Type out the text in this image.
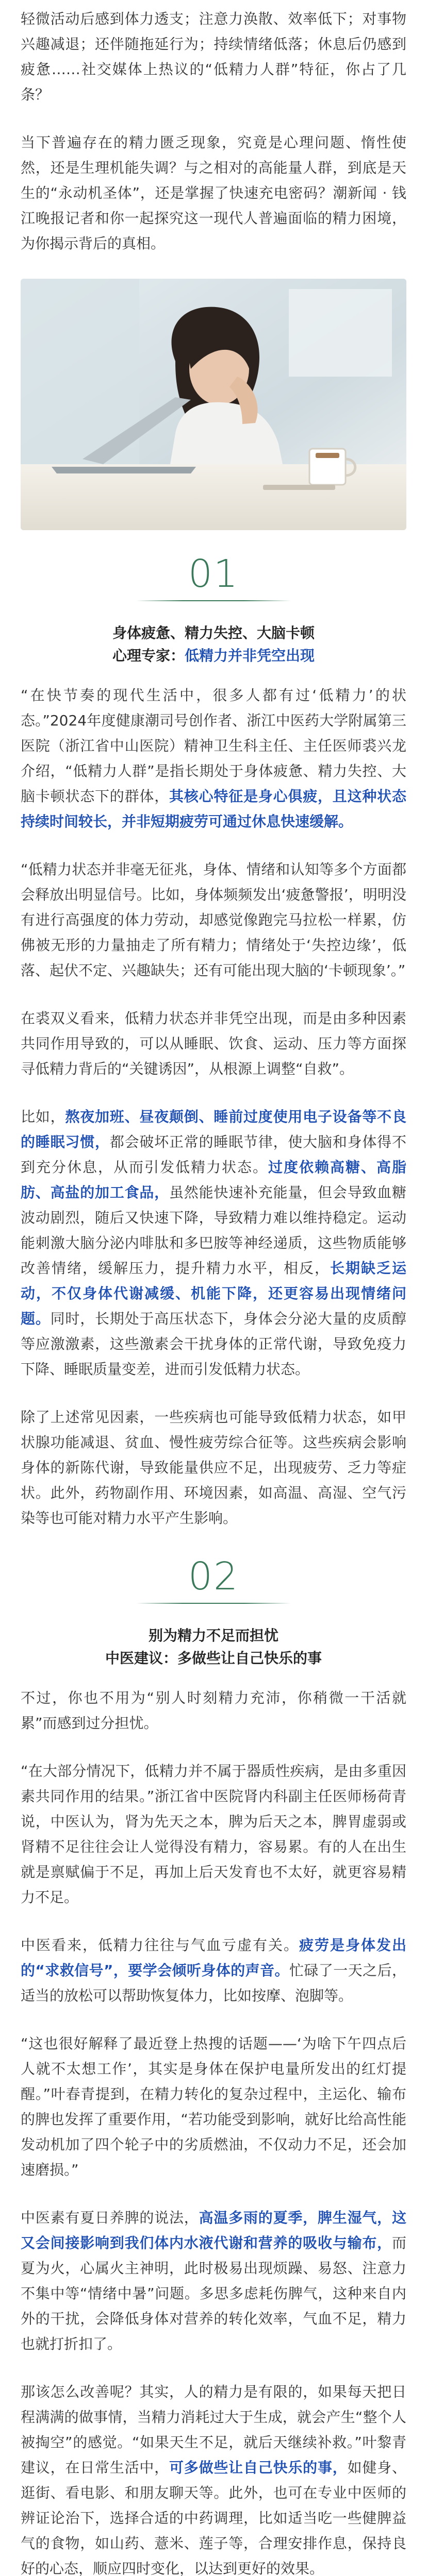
轻微活动后感到体力透支；注意力涣散、效率低下；对事物兴趣减退；还伴随拖延行为；持续情绪低落；休息后仍感到疲惫……社交媒体上热议的“低精力人群”特征，你占了几条？

当下普遍存在的精力匮乏现象，究竟是心理问题、惰性使然，还是生理机能失调？与之相对的高能量人群，到底是天生的“永动机圣体”，还是掌握了快速充电密码？潮新闻 · 钱江晚报记者和你一起探究这一现代人普遍面临的精力困境，为你揭示背后的真相。

01
身体疲惫、精力失控、大脑卡顿
心理专家：低精力并非凭空出现

“在快节奏的现代生活中，很多人都有过‘低精力’的状态。”2024年度健康潮司号创作者、浙江中医药大学附属第三医院（浙江省中山医院）精神卫生科主任、主任医师裘兴龙介绍，“低精力人群”是指长期处于身体疲惫、精力失控、大脑卡顿状态下的群体，其核心特征是身心俱疲，且这种状态持续时间较长，并非短期疲劳可通过休息快速缓解。

“低精力状态并非毫无征兆，身体、情绪和认知等多个方面都会释放出明显信号。比如，身体频频发出‘疲惫警报’，明明没有进行高强度的体力劳动，却感觉像跑完马拉松一样累，仿佛被无形的力量抽走了所有精力；情绪处于‘失控边缘’，低落、起伏不定、兴趣缺失；还有可能出现大脑的‘卡顿现象’。”

在裘双义看来，低精力状态并非凭空出现，而是由多种因素共同作用导致的，可以从睡眠、饮食、运动、压力等方面探寻低精力背后的“关键诱因”，从根源上调整“自救”。

比如，熬夜加班、昼夜颠倒、睡前过度使用电子设备等不良的睡眠习惯，都会破坏正常的睡眠节律，使大脑和身体得不到充分休息，从而引发低精力状态。过度依赖高糖、高脂肪、高盐的加工食品，虽然能快速补充能量，但会导致血糖波动剧烈，随后又快速下降，导致精力难以维持稳定。运动能刺激大脑分泌内啡肽和多巴胺等神经递质，这些物质能够改善情绪，缓解压力，提升精力水平，相反，长期缺乏运动，不仅身体代谢减缓、机能下降，还更容易出现情绪问题。同时，长期处于高压状态下，身体会分泌大量的皮质醇等应激激素，这些激素会干扰身体的正常代谢，导致免疫力下降、睡眠质量变差，进而引发低精力状态。

除了上述常见因素，一些疾病也可能导致低精力状态，如甲状腺功能减退、贫血、慢性疲劳综合征等。这些疾病会影响身体的新陈代谢，导致能量供应不足，出现疲劳、乏力等症状。此外，药物副作用、环境因素，如高温、高湿、空气污染等也可能对精力水平产生影响。

02
别为精力不足而担忧
中医建议：多做些让自己快乐的事

不过，你也不用为“别人时刻精力充沛，你稍微一干活就累”而感到过分担忧。

“在大部分情况下，低精力并不属于器质性疾病，是由多重因素共同作用的结果。”浙江省中医院肾内科副主任医师杨荷青说，中医认为，肾为先天之本，脾为后天之本，脾胃虚弱或肾精不足往往会让人觉得没有精力，容易累。有的人在出生就是禀赋偏于不足，再加上后天发育也不太好，就更容易精力不足。

中医看来，低精力往往与气血亏虚有关。疲劳是身体发出的“求救信号”，要学会倾听身体的声音。忙碌了一天之后，适当的放松可以帮助恢复体力，比如按摩、泡脚等。

“这也很好解释了最近登上热搜的话题——‘为啥下午四点后人就不太想工作’，其实是身体在保护电量所发出的红灯提醒。”叶春青提到，在精力转化的复杂过程中，主运化、输布的脾也发挥了重要作用，“若功能受到影响，就好比给高性能发动机加了四个轮子中的劣质燃油，不仅动力不足，还会加速磨损。”

中医素有夏日养脾的说法，高温多雨的夏季，脾生湿气，这又会间接影响到我们体内水液代谢和营养的吸收与输布，而夏为火，心属火主神明，此时极易出现烦躁、易怒、注意力不集中等“情绪中暑”问题。多思多虑耗伤脾气，这种来自内外的干扰，会降低身体对营养的转化效率，气血不足，精力也就打折扣了。

那该怎么改善呢？其实，人的精力是有限的，如果每天把日程满满的做事情，当精力消耗过大于生成，就会产生“整个人被掏空”的感觉。“如果天生不足，就后天继续补救。”叶黎青建议，在日常生活中，可多做些让自己快乐的事，如健身、逛街、看电影、和朋友聊天等。此外，也可在专业中医师的辨证论治下，选择合适的中药调理，比如适当吃一些健脾益气的食物，如山药、薏米、莲子等，合理安排作息，保持良好的心态，顺应四时变化，以达到更好的效果。
